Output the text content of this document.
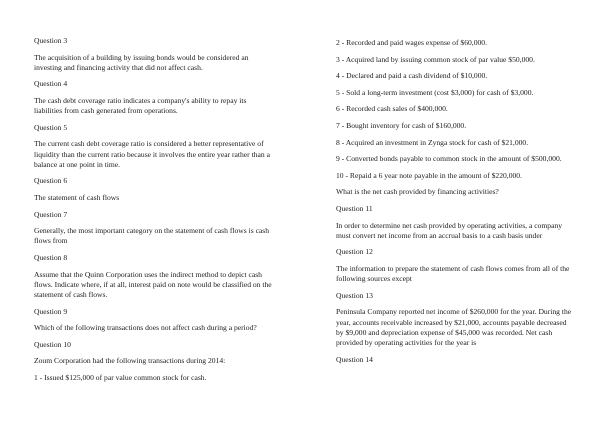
Question 3
The acquisition of a building by issuing bonds would be considered an investing and financing activity that did not affect cash.
Question 4
The cash debt coverage ratio indicates a company's ability to repay its liabilities from cash generated from operations.
Question 5
The current cash debt coverage ratio is considered a better representative of liquidity than the current ratio because it involves the entire year rather than a balance at one point in time.
Question 6
The statement of cash flows
Question 7
Generally, the most important category on the statement of cash flows is cash flows from
Question 8
Assume that the Quinn Corporation uses the indirect method to depict cash flows. Indicate where, if at all, interest paid on note would be classified on the statement of cash flows.
Question 9
Which of the following transactions does not affect cash during a period?
Question 10
Zoum Corporation had the following transactions during 2014:
1 - Issued $125,000 of par value common stock for cash.
2 - Recorded and paid wages expense of $60,000.
3 - Acquired land by issuing common stock of par value $50,000.
4 - Declared and paid a cash dividend of $10,000.
5 - Sold a long-term investment (cost $3,000) for cash of $3,000.
6 - Recorded cash sales of $400,000.
7 - Bought inventory for cash of $160,000.
8 - Acquired an investment in Zynga stock for cash of $21,000.
9 - Converted bonds payable to common stock in the amount of $500,000.
10 - Repaid a 6 year note payable in the amount of $220,000.
What is the net cash provided by financing activities?
Question 11
In order to determine net cash provided by operating activities, a company must convert net income from an accrual basis to a cash basis under
Question 12
The information to prepare the statement of cash flows comes from all of the following sources except
Question 13
Peninsula Company reported net income of $260,000 for the year. During the year, accounts receivable increased by $21,000, accounts payable decreased by $9,000 and depreciation expense of $45,000 was recorded. Net cash provided by operating activities for the year is
Question 14
